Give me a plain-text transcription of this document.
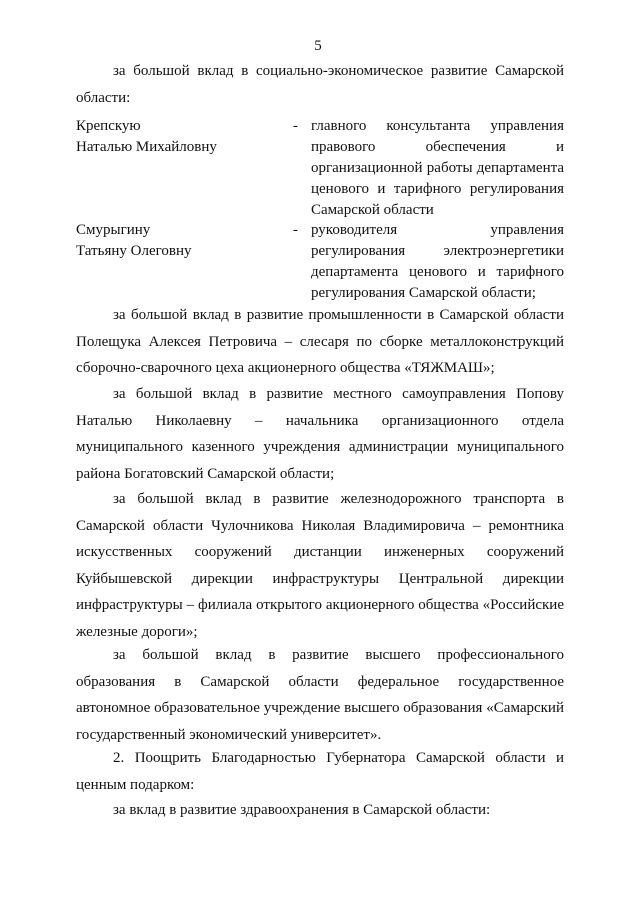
5

за большой вклад в социально-экономическое развитие Самарской области:

Крепскую
Наталью Михайловну
- главного консультанта управления правового обеспечения и организационной работы департамента ценового и тарифного регулирования Самарской области
Смурыгину
Татьяну Олеговну
- руководителя управления регулирования электроэнергетики департамента ценового и тарифного регулирования Самарской области;

за большой вклад в развитие промышленности в Самарской области Полещука Алексея Петровича – слесаря по сборке металлоконструкций сборочно-сварочного цеха акционерного общества «ТЯЖМАШ»;

за большой вклад в развитие местного самоуправления Попову Наталью Николаевну – начальника организационного отдела муниципального казенного учреждения администрации муниципального района Богатовский Самарской области;

за большой вклад в развитие железнодорожного транспорта в Самарской области Чулочникова Николая Владимировича – ремонтника искусственных сооружений дистанции инженерных сооружений Куйбышевской дирекции инфраструктуры Центральной дирекции инфраструктуры – филиала открытого акционерного общества «Российские железные дороги»;

за большой вклад в развитие высшего профессионального образования в Самарской области федеральное государственное автономное образовательное учреждение высшего образования «Самарский государственный экономический университет».

2. Поощрить Благодарностью Губернатора Самарской области и ценным подарком:

за вклад в развитие здравоохранения в Самарской области:
